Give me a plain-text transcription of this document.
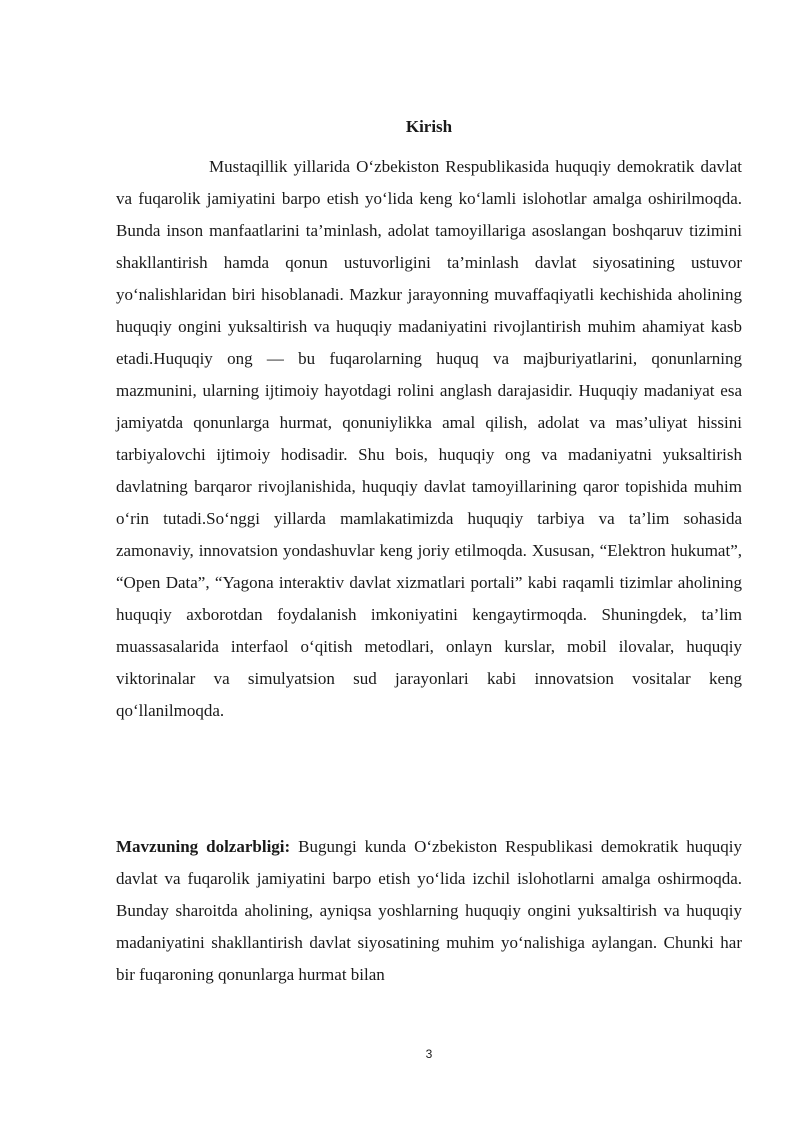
Kirish

Mustaqillik yillarida O‘zbekiston Respublikasida huquqiy demokratik davlat va fuqarolik jamiyatini barpo etish yo‘lida keng ko‘lamli islohotlar amalga oshirilmoqda. Bunda inson manfaatlarini ta’minlash, adolat tamoyillariga asoslangan boshqaruv tizimini shakllantirish hamda qonun ustuvorligini ta’minlash davlat siyosatining ustuvor yo‘nalishlaridan biri hisoblanadi. Mazkur jarayonning muvaffaqiyatli kechishida aholining huquqiy ongini yuksaltirish va huquqiy madaniyatini rivojlantirish muhim ahamiyat kasb etadi.Huquqiy ong — bu fuqarolarning huquq va majburiyatlarini, qonunlarning mazmunini, ularning ijtimoiy hayotdagi rolini anglash darajasidir. Huquqiy madaniyat esa jamiyatda qonunlarga hurmat, qonuniylikka amal qilish, adolat va mas’uliyat hissini tarbiyalovchi ijtimoiy hodisadir. Shu bois, huquqiy ong va madaniyatni yuksaltirish davlatning barqaror rivojlanishida, huquqiy davlat tamoyillarining qaror topishida muhim o‘rin tutadi.So‘nggi yillarda mamlakatimizda huquqiy tarbiya va ta’lim sohasida zamonaviy, innovatsion yondashuvlar keng joriy etilmoqda. Xususan, “Elektron hukumat”, “Open Data”, “Yagona interaktiv davlat xizmatlari portali” kabi raqamli tizimlar aholining huquqiy axborotdan foydalanish imkoniyatini kengaytirmoqda. Shuningdek, ta’lim muassasalarida interfaol o‘qitish metodlari, onlayn kurslar, mobil ilovalar, huquqiy viktorinalar va simulyatsion sud jarayonlari kabi innovatsion vositalar keng qo‘llanilmoqda.

Mavzuning dolzarbligi: Bugungi kunda O‘zbekiston Respublikasi demokratik huquqiy davlat va fuqarolik jamiyatini barpo etish yo‘lida izchil islohotlarni amalga oshirmoqda. Bunday sharoitda aholining, ayniqsa yoshlarning huquqiy ongini yuksaltirish va huquqiy madaniyatini shakllantirish davlat siyosatining muhim yo‘nalishiga aylangan. Chunki har bir fuqaroning qonunlarga hurmat bilan

3
